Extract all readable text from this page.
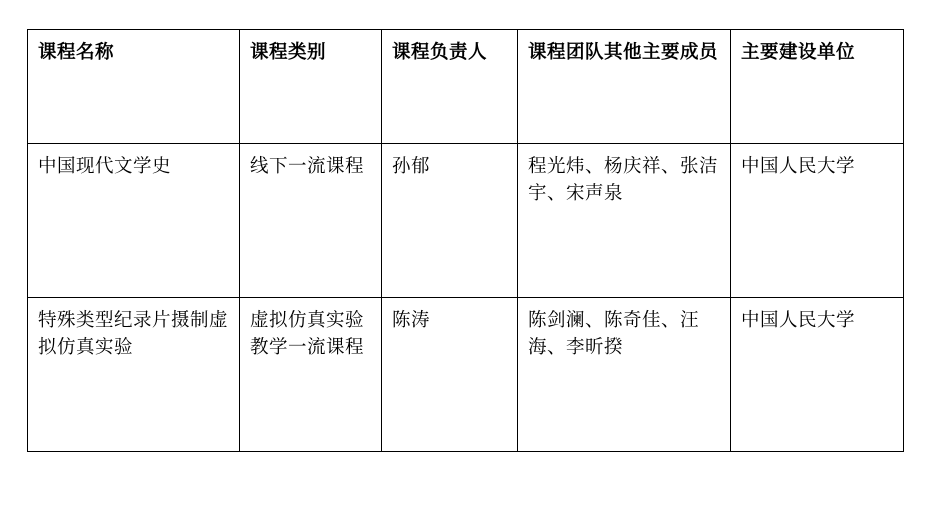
课程名称	课程类别	课程负责人	课程团队其他主要成员	主要建设单位

中国现代文学史	线下一流课程	孙郁	程光炜、杨庆祥、张洁宇、宋声泉	中国人民大学

特殊类型纪录片摄制虚拟仿真实验	虚拟仿真实验教学一流课程	陈涛	陈剑澜、陈奇佳、汪海、李昕揆	中国人民大学
